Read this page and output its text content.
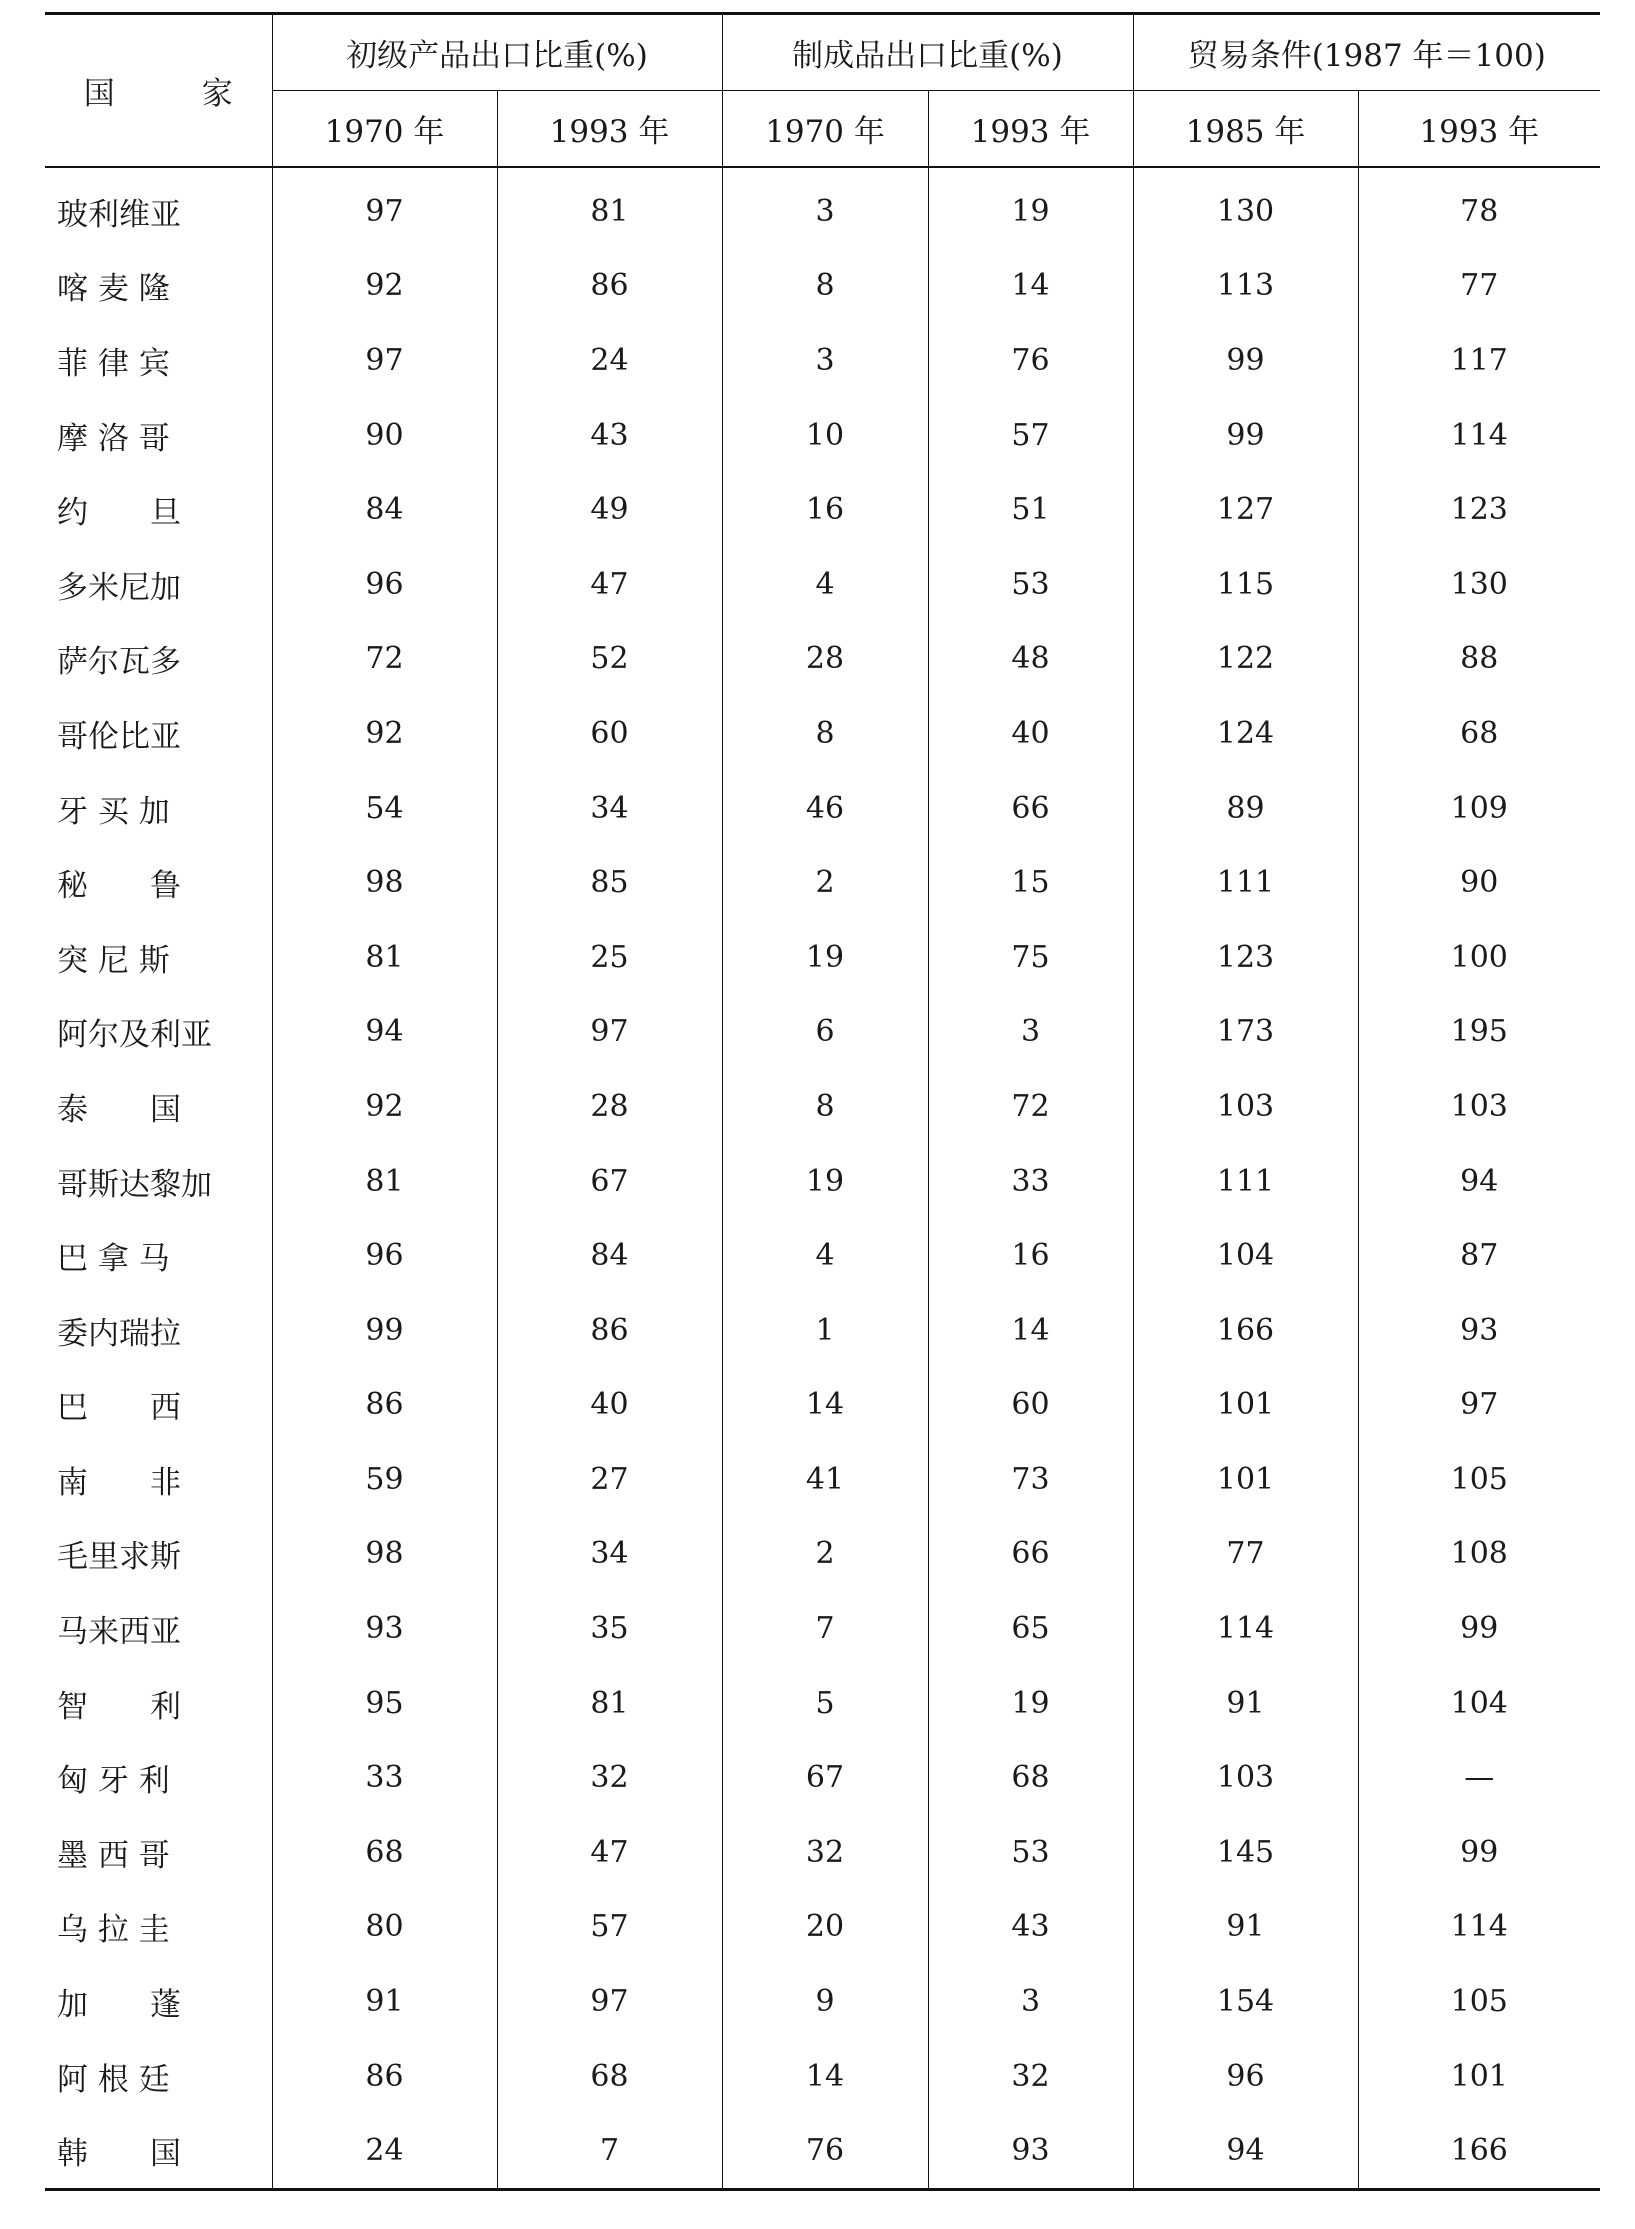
国　家	初级产品出口比重(%)		制成品出口比重(%)		贸易条件(1987 年＝100)	
	1970 年	1993 年	1970 年	1993 年	1985 年	1993 年
玻利维亚	97	81	3	19	130	78
喀 麦 隆	92	86	8	14	113	77
菲 律 宾	97	24	3	76	99	117
摩 洛 哥	90	43	10	57	99	114
约　　旦	84	49	16	51	127	123
多米尼加	96	47	4	53	115	130
萨尔瓦多	72	52	28	48	122	88
哥伦比亚	92	60	8	40	124	68
牙 买 加	54	34	46	66	89	109
秘　　鲁	98	85	2	15	111	90
突 尼 斯	81	25	19	75	123	100
阿尔及利亚	94	97	6	3	173	195
泰　　国	92	28	8	72	103	103
哥斯达黎加	81	67	19	33	111	94
巴 拿 马	96	84	4	16	104	87
委内瑞拉	99	86	1	14	166	93
巴　　西	86	40	14	60	101	97
南　　非	59	27	41	73	101	105
毛里求斯	98	34	2	66	77	108
马来西亚	93	35	7	65	114	99
智　　利	95	81	5	19	91	104
匈 牙 利	33	32	67	68	103	—
墨 西 哥	68	47	32	53	145	99
乌 拉 圭	80	57	20	43	91	114
加　　蓬	91	97	9	3	154	105
阿 根 廷	86	68	14	32	96	101
韩　　国	24	7	76	93	94	166
